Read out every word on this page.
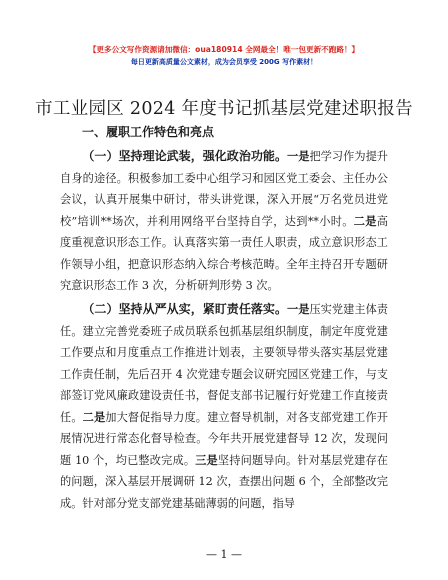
【更多公文写作资源请加微信：oua180914 全网最全！唯一包更新不跑路！】
每日更新高质量公文素材，成为会员享受 200G 写作素材！
市工业园区 2024 年度书记抓基层党建述职报告
一、履职工作特色和亮点

（一）坚持理论武装，强化政治功能。一是把学习作为提升自身的途径。积极参加工委中心组学习和园区党工委会、主任办公会议，认真开展集中研讨，带头讲党课，深入开展“万名党员进党校”培训**场次，并利用网络平台坚持自学，达到**小时。二是高度重视意识形态工作。认真落实第一责任人职责，成立意识形态工作领导小组，把意识形态纳入综合考核范畴。全年主持召开专题研究意识形态工作 3 次，分析研判形势 3 次。

（二）坚持从严从实，紧盯责任落实。一是压实党建主体责任。建立完善党委班子成员联系包抓基层组织制度，制定年度党建工作要点和月度重点工作推进计划表，主要领导带头落实基层党建工作责任制，先后召开 4 次党建专题会议研究园区党建工作，与支部签订党风廉政建设责任书，督促支部书记履行好党建工作直接责任。二是加大督促指导力度。建立督导机制，对各支部党建工作开展情况进行常态化督导检查。今年共开展党建督导 12 次，发现问题 10 个，均已整改完成。三是坚持问题导向。针对基层党建存在的问题，深入基层开展调研 12 次，查摆出问题 6 个，全部整改完成。针对部分党支部党建基础薄弱的问题，指导

— 1 —
